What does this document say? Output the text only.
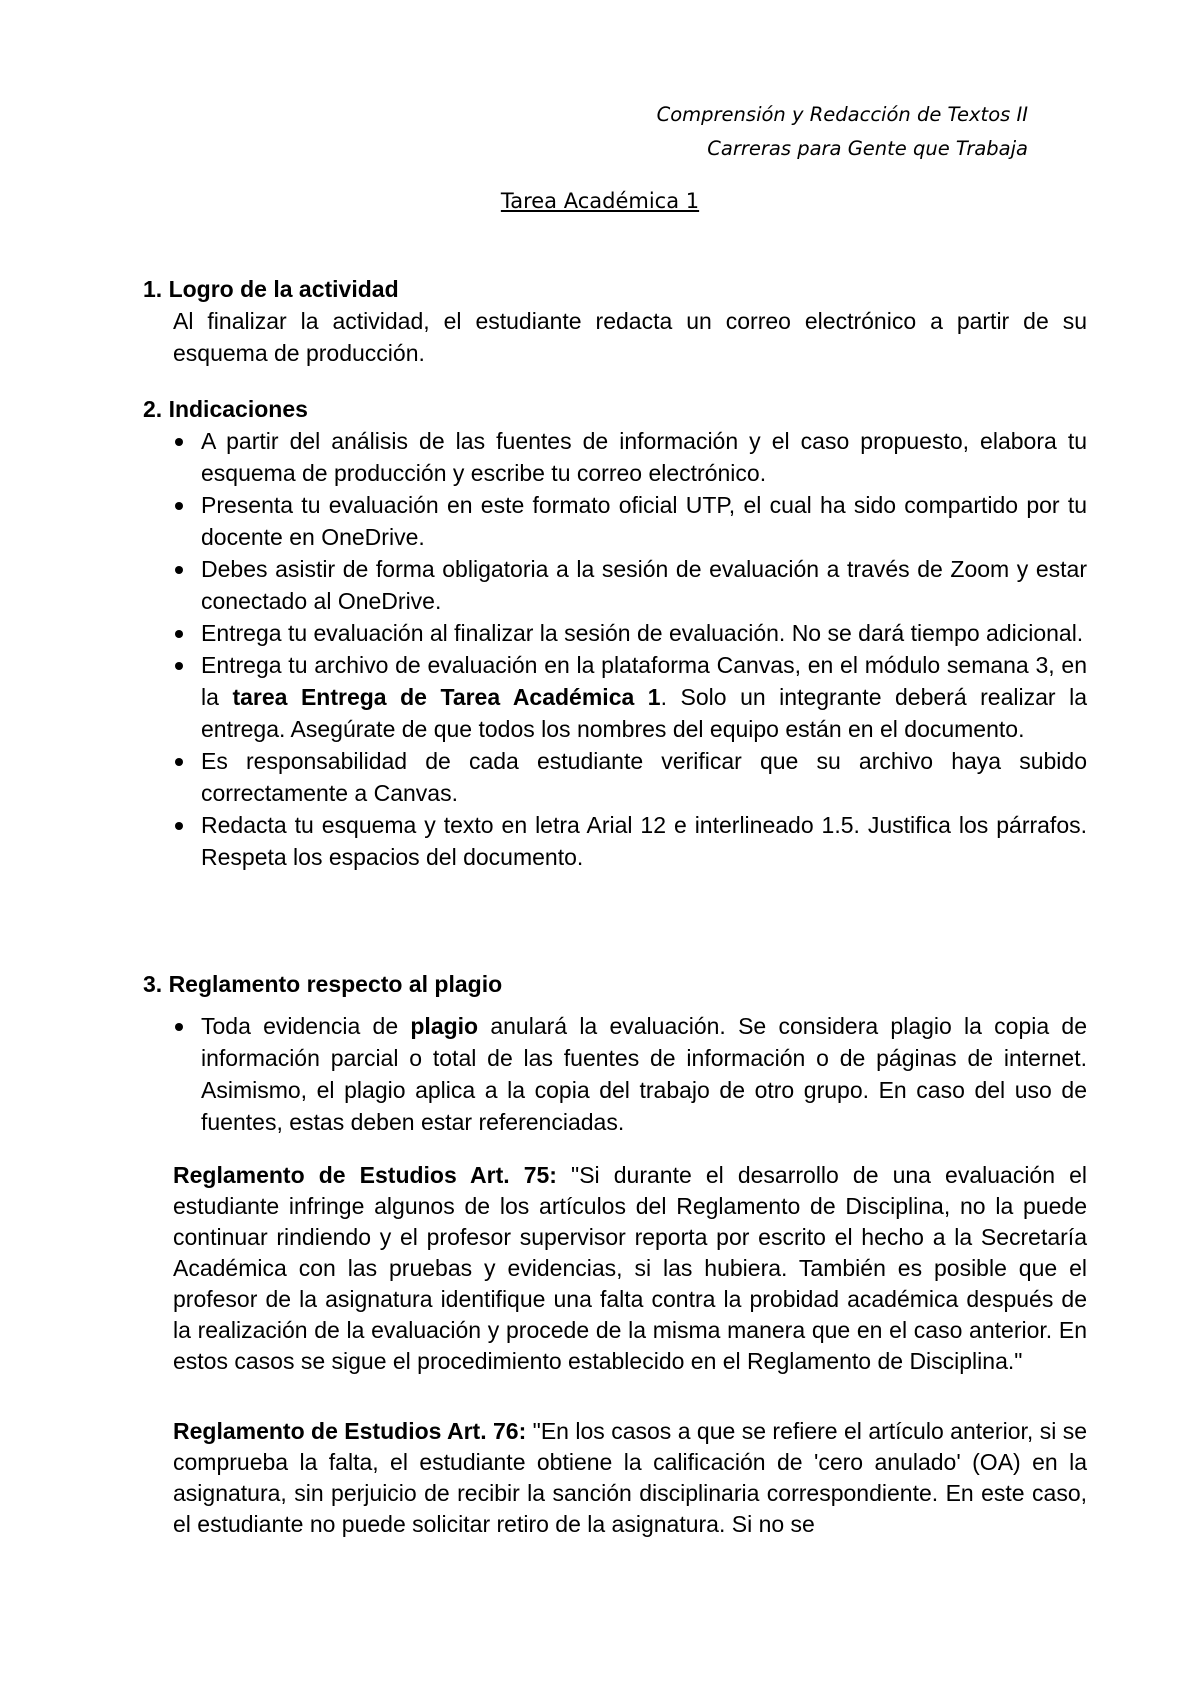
Comprensión y Redacción de Textos II
Carreras para Gente que Trabaja
Tarea Académica 1
1. Logro de la actividad
Al finalizar la actividad, el estudiante redacta un correo electrónico a partir de su esquema de producción.
2. Indicaciones
A partir del análisis de las fuentes de información y el caso propuesto, elabora tu esquema de producción y escribe tu correo electrónico.
Presenta tu evaluación en este formato oficial UTP, el cual ha sido compartido por tu docente en OneDrive.
Debes asistir de forma obligatoria a la sesión de evaluación a través de Zoom y estar conectado al OneDrive.
Entrega tu evaluación al finalizar la sesión de evaluación. No se dará tiempo adicional.
Entrega tu archivo de evaluación en la plataforma Canvas, en el módulo semana 3, en la tarea Entrega de Tarea Académica 1. Solo un integrante deberá realizar la entrega. Asegúrate de que todos los nombres del equipo están en el documento.
Es responsabilidad de cada estudiante verificar que su archivo haya subido correctamente a Canvas.
Redacta tu esquema y texto en letra Arial 12 e interlineado 1.5. Justifica los párrafos. Respeta los espacios del documento.
3. Reglamento respecto al plagio
Toda evidencia de plagio anulará la evaluación. Se considera plagio la copia de información parcial o total de las fuentes de información o de páginas de internet. Asimismo, el plagio aplica a la copia del trabajo de otro grupo. En caso del uso de fuentes, estas deben estar referenciadas.
Reglamento de Estudios Art. 75: "Si durante el desarrollo de una evaluación el estudiante infringe algunos de los artículos del Reglamento de Disciplina, no la puede continuar rindiendo y el profesor supervisor reporta por escrito el hecho a la Secretaría Académica con las pruebas y evidencias, si las hubiera. También es posible que el profesor de la asignatura identifique una falta contra la probidad académica después de la realización de la evaluación y procede de la misma manera que en el caso anterior. En estos casos se sigue el procedimiento establecido en el Reglamento de Disciplina."
Reglamento de Estudios Art. 76: "En los casos a que se refiere el artículo anterior, si se comprueba la falta, el estudiante obtiene la calificación de 'cero anulado' (OA) en la asignatura, sin perjuicio de recibir la sanción disciplinaria correspondiente. En este caso, el estudiante no puede solicitar retiro de la asignatura. Si no se
